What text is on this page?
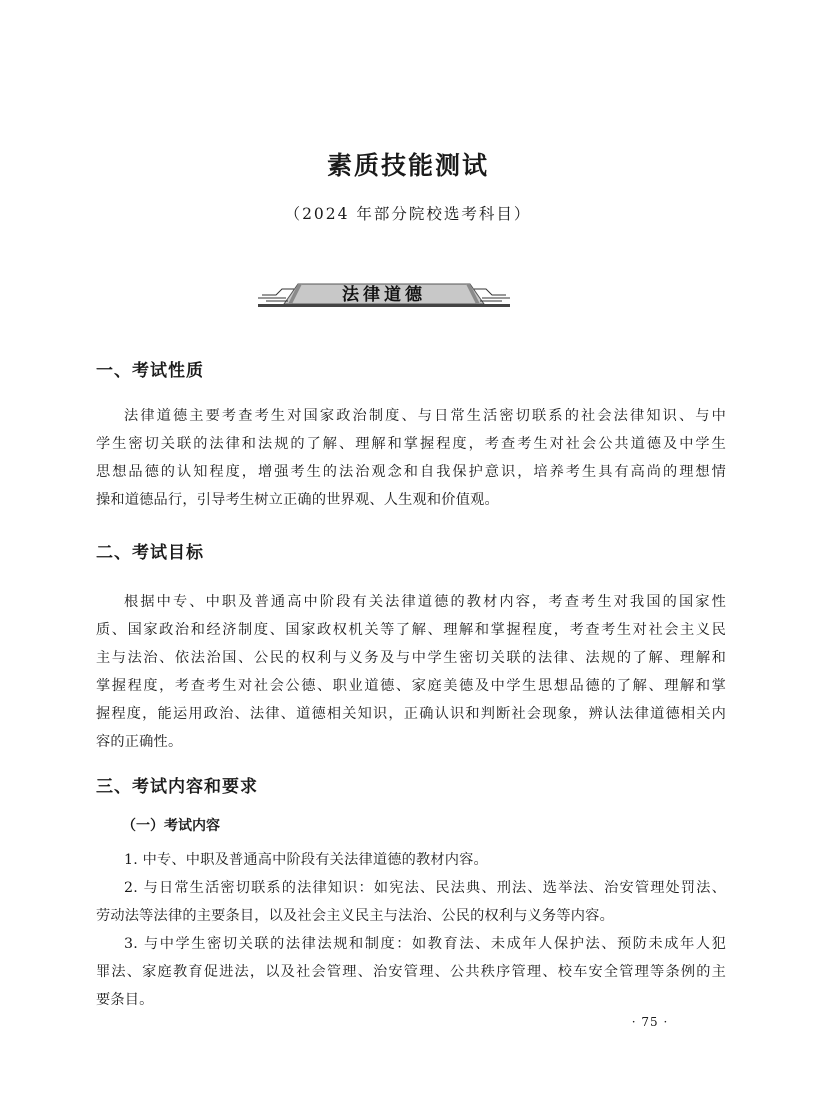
素质技能测试
（2024 年部分院校选考科目）
法律道德
一、考试性质
法律道德主要考查考生对国家政治制度、与日常生活密切联系的社会法律知识、与中
学生密切关联的法律和法规的了解、理解和掌握程度，考查考生对社会公共道德及中学生
思想品德的认知程度，增强考生的法治观念和自我保护意识，培养考生具有高尚的理想情
操和道德品行，引导考生树立正确的世界观、人生观和价值观。
二、考试目标
根据中专、中职及普通高中阶段有关法律道德的教材内容，考查考生对我国的国家性
质、国家政治和经济制度、国家政权机关等了解、理解和掌握程度，考查考生对社会主义民
主与法治、依法治国、公民的权利与义务及与中学生密切关联的法律、法规的了解、理解和
掌握程度，考查考生对社会公德、职业道德、家庭美德及中学生思想品德的了解、理解和掌
握程度，能运用政治、法律、道德相关知识，正确认识和判断社会现象，辨认法律道德相关内
容的正确性。
三、考试内容和要求
（一）考试内容
1. 中专、中职及普通高中阶段有关法律道德的教材内容。
2. 与日常生活密切联系的法律知识：如宪法、民法典、刑法、选举法、治安管理处罚法、
劳动法等法律的主要条目，以及社会主义民主与法治、公民的权利与义务等内容。
3. 与中学生密切关联的法律法规和制度：如教育法、未成年人保护法、预防未成年人犯
罪法、家庭教育促进法，以及社会管理、治安管理、公共秩序管理、校车安全管理等条例的主
要条目。
· 75 ·
